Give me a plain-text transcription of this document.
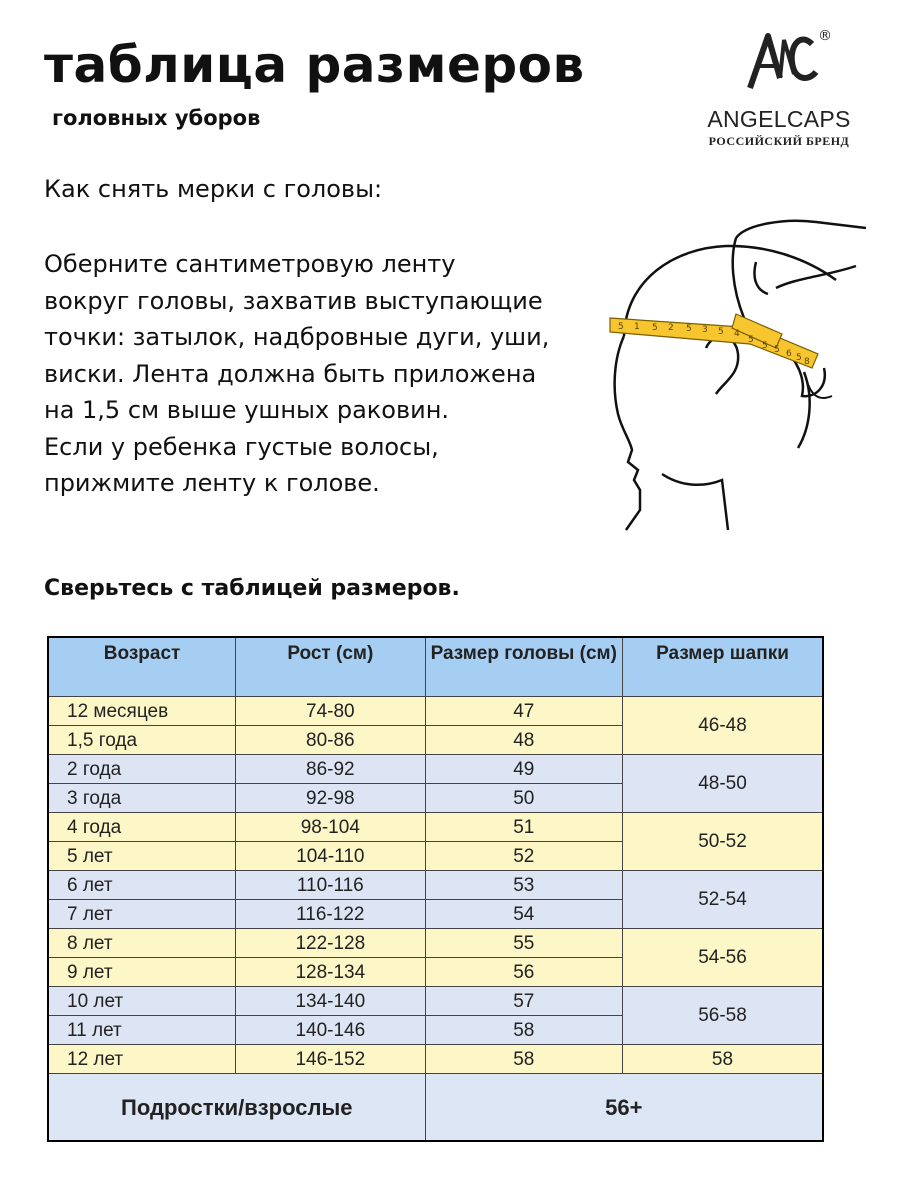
таблица размеров
головных уборов
®
ANGELCAPS
РОССИЙСКИЙ БРЕНД

Как снять мерки с головы:

Оберните сантиметровую ленту
вокруг головы, захватив выступающие
точки: затылок, надбровные дуги, уши,
виски. Лента должна быть приложена
на 1,5 см выше ушных раковин.
Если у ребенка густые волосы,
прижмите ленту к голове.
5 1 5 2 5 3 5 4
5
5 5 6 5 8

Сверьтесь с таблицей размеров.

Возраст	Рост (см)	Размер головы (см)	Размер шапки
12 месяцев	74-80	47	46-48
1,5 года	80-86	48	
2 года	86-92	49	48-50
3 года	92-98	50	
4 года	98-104	51	50-52
5 лет	104-110	52	
6 лет	110-116	53	52-54
7 лет	116-122	54	
8 лет	122-128	55	54-56
9 лет	128-134	56	
10 лет	134-140	57	56-58
11 лет	140-146	58	
12 лет	146-152	58	58
Подростки/взрослые		56+	
